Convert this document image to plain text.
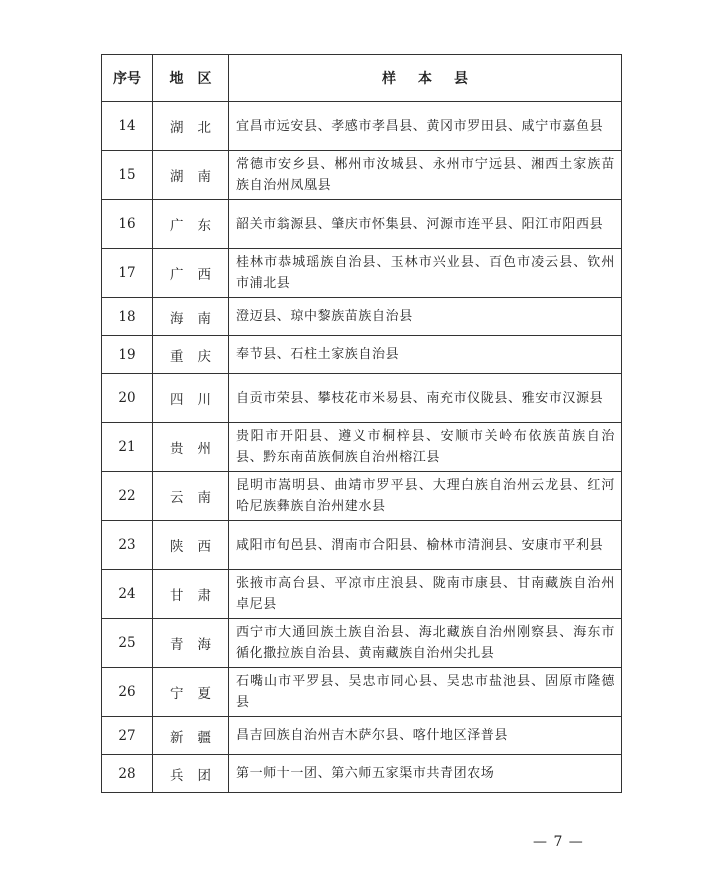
序号	地区	样本县
14	湖北	宜昌市远安县、孝感市孝昌县、黄冈市罗田县、咸宁市嘉鱼县
15	湖南	常德市安乡县、郴州市汝城县、永州市宁远县、湘西土家族苗族自治州凤凰县
16	广东	韶关市翁源县、肇庆市怀集县、河源市连平县、阳江市阳西县
17	广西	桂林市恭城瑶族自治县、玉林市兴业县、百色市凌云县、钦州市浦北县
18	海南	澄迈县、琼中黎族苗族自治县
19	重庆	奉节县、石柱土家族自治县
20	四川	自贡市荣县、攀枝花市米易县、南充市仪陇县、雅安市汉源县
21	贵州	贵阳市开阳县、遵义市桐梓县、安顺市关岭布依族苗族自治县、黔东南苗族侗族自治州榕江县
22	云南	昆明市嵩明县、曲靖市罗平县、大理白族自治州云龙县、红河哈尼族彝族自治州建水县
23	陕西	咸阳市旬邑县、渭南市合阳县、榆林市清涧县、安康市平利县
24	甘肃	张掖市高台县、平凉市庄浪县、陇南市康县、甘南藏族自治州卓尼县
25	青海	西宁市大通回族土族自治县、海北藏族自治州刚察县、海东市循化撒拉族自治县、黄南藏族自治州尖扎县
26	宁夏	石嘴山市平罗县、吴忠市同心县、吴忠市盐池县、固原市隆德县
27	新疆	昌吉回族自治州吉木萨尔县、喀什地区泽普县
28	兵团	第一师十一团、第六师五家渠市共青团农场
— 7 —
